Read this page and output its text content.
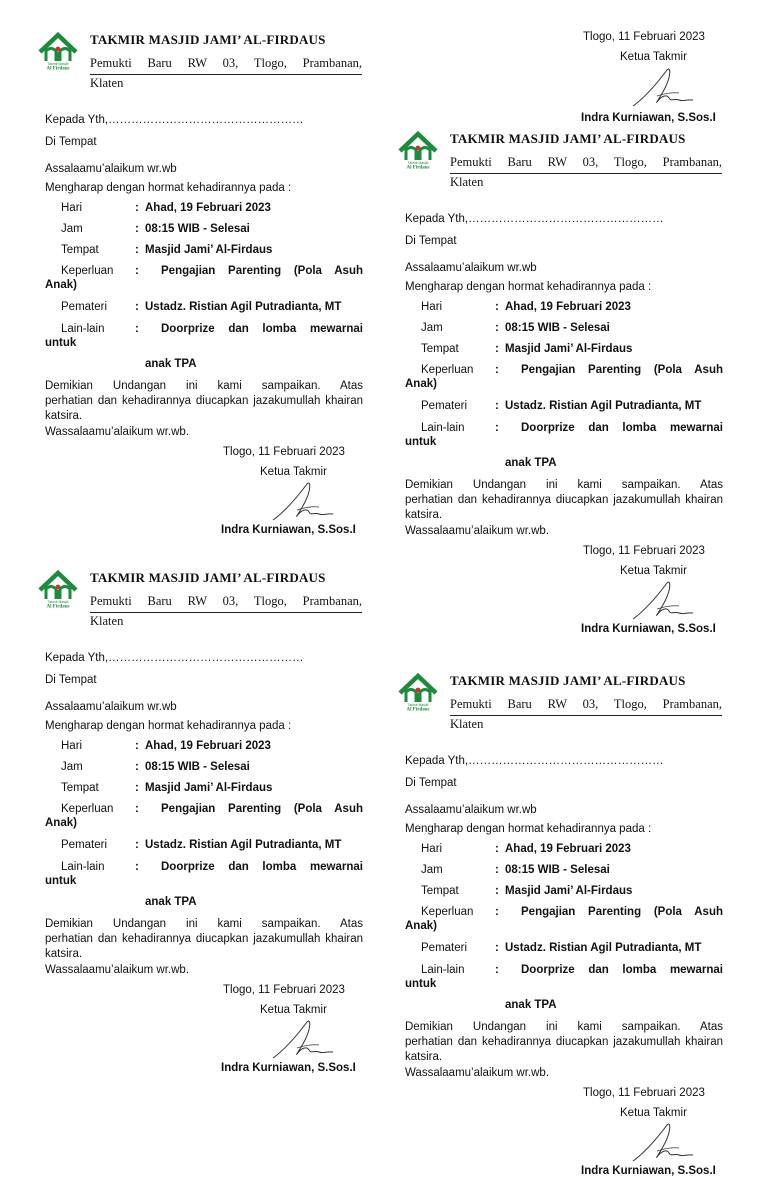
Takmir Masjid
Al Firdaus
TAKMIR MASJID JAMI’ AL-FIRDAUS
Pemukti Baru RW 03, Tlogo, Prambanan,
Klaten
Kepada Yth,……………………………………………
Di Tempat
Assalaamu’alaikum wr.wb
Mengharap dengan hormat kehadirannya pada :
Hari	: Ahad, 19 Februari 2023
Jam	: 08:15 WIB - Selesai
Tempat	: Masjid Jami’ Al-Firdaus
Keperluan : Pengajian Parenting (Pola Asuh
Anak)
Pemateri : Ustadz. Ristian Agil Putradianta, MT
Lain-lain	: Doorprize dan lomba mewarnai
untuk
anak TPA
Demikian Undangan ini kami sampaikan. Atas
perhatian dan kehadirannya diucapkan jazakumullah khairan katsira.
Wassalaamu’alaikum wr.wb.
Tlogo, 11 Februari 2023
Ketua Takmir
Indra Kurniawan, S.Sos.I
Takmir Masjid
Al Firdaus
TAKMIR MASJID JAMI’ AL-FIRDAUS
Pemukti Baru RW 03, Tlogo, Prambanan,
Klaten
Kepada Yth,……………………………………………
Di Tempat
Assalaamu’alaikum wr.wb
Mengharap dengan hormat kehadirannya pada :
Hari	: Ahad, 19 Februari 2023
Jam	: 08:15 WIB - Selesai
Tempat	: Masjid Jami’ Al-Firdaus
Keperluan : Pengajian Parenting (Pola Asuh
Anak)
Pemateri : Ustadz. Ristian Agil Putradianta, MT
Lain-lain	: Doorprize dan lomba mewarnai
untuk
anak TPA
Demikian Undangan ini kami sampaikan. Atas
perhatian dan kehadirannya diucapkan jazakumullah khairan katsira.
Wassalaamu’alaikum wr.wb.
Tlogo, 11 Februari 2023
Ketua Takmir
Indra Kurniawan, S.Sos.I
Takmir Masjid
Al Firdaus
TAKMIR MASJID JAMI’ AL-FIRDAUS
Pemukti Baru RW 03, Tlogo, Prambanan,
Klaten
Kepada Yth,……………………………………………
Di Tempat
Assalaamu’alaikum wr.wb
Mengharap dengan hormat kehadirannya pada :
Hari	: Ahad, 19 Februari 2023
Jam	: 08:15 WIB - Selesai
Tempat	: Masjid Jami’ Al-Firdaus
Keperluan : Pengajian Parenting (Pola Asuh
Anak)
Pemateri : Ustadz. Ristian Agil Putradianta, MT
Lain-lain	: Doorprize dan lomba mewarnai
untuk
anak TPA
Demikian Undangan ini kami sampaikan. Atas
perhatian dan kehadirannya diucapkan jazakumullah khairan katsira.
Wassalaamu’alaikum wr.wb.
Tlogo, 11 Februari 2023
Ketua Takmir
Indra Kurniawan, S.Sos.I
Takmir Masjid
Al Firdaus
TAKMIR MASJID JAMI’ AL-FIRDAUS
Pemukti Baru RW 03, Tlogo, Prambanan,
Klaten
Kepada Yth,……………………………………………
Di Tempat
Assalaamu’alaikum wr.wb
Mengharap dengan hormat kehadirannya pada :
Hari	: Ahad, 19 Februari 2023
Jam	: 08:15 WIB - Selesai
Tempat	: Masjid Jami’ Al-Firdaus
Keperluan : Pengajian Parenting (Pola Asuh
Anak)
Pemateri : Ustadz. Ristian Agil Putradianta, MT
Lain-lain	: Doorprize dan lomba mewarnai
untuk
anak TPA
Demikian Undangan ini kami sampaikan. Atas
perhatian dan kehadirannya diucapkan jazakumullah khairan katsira.
Wassalaamu’alaikum wr.wb.
Tlogo, 11 Februari 2023
Ketua Takmir
Indra Kurniawan, S.Sos.I
Tlogo, 11 Februari 2023
Ketua Takmir
Indra Kurniawan, S.Sos.I
